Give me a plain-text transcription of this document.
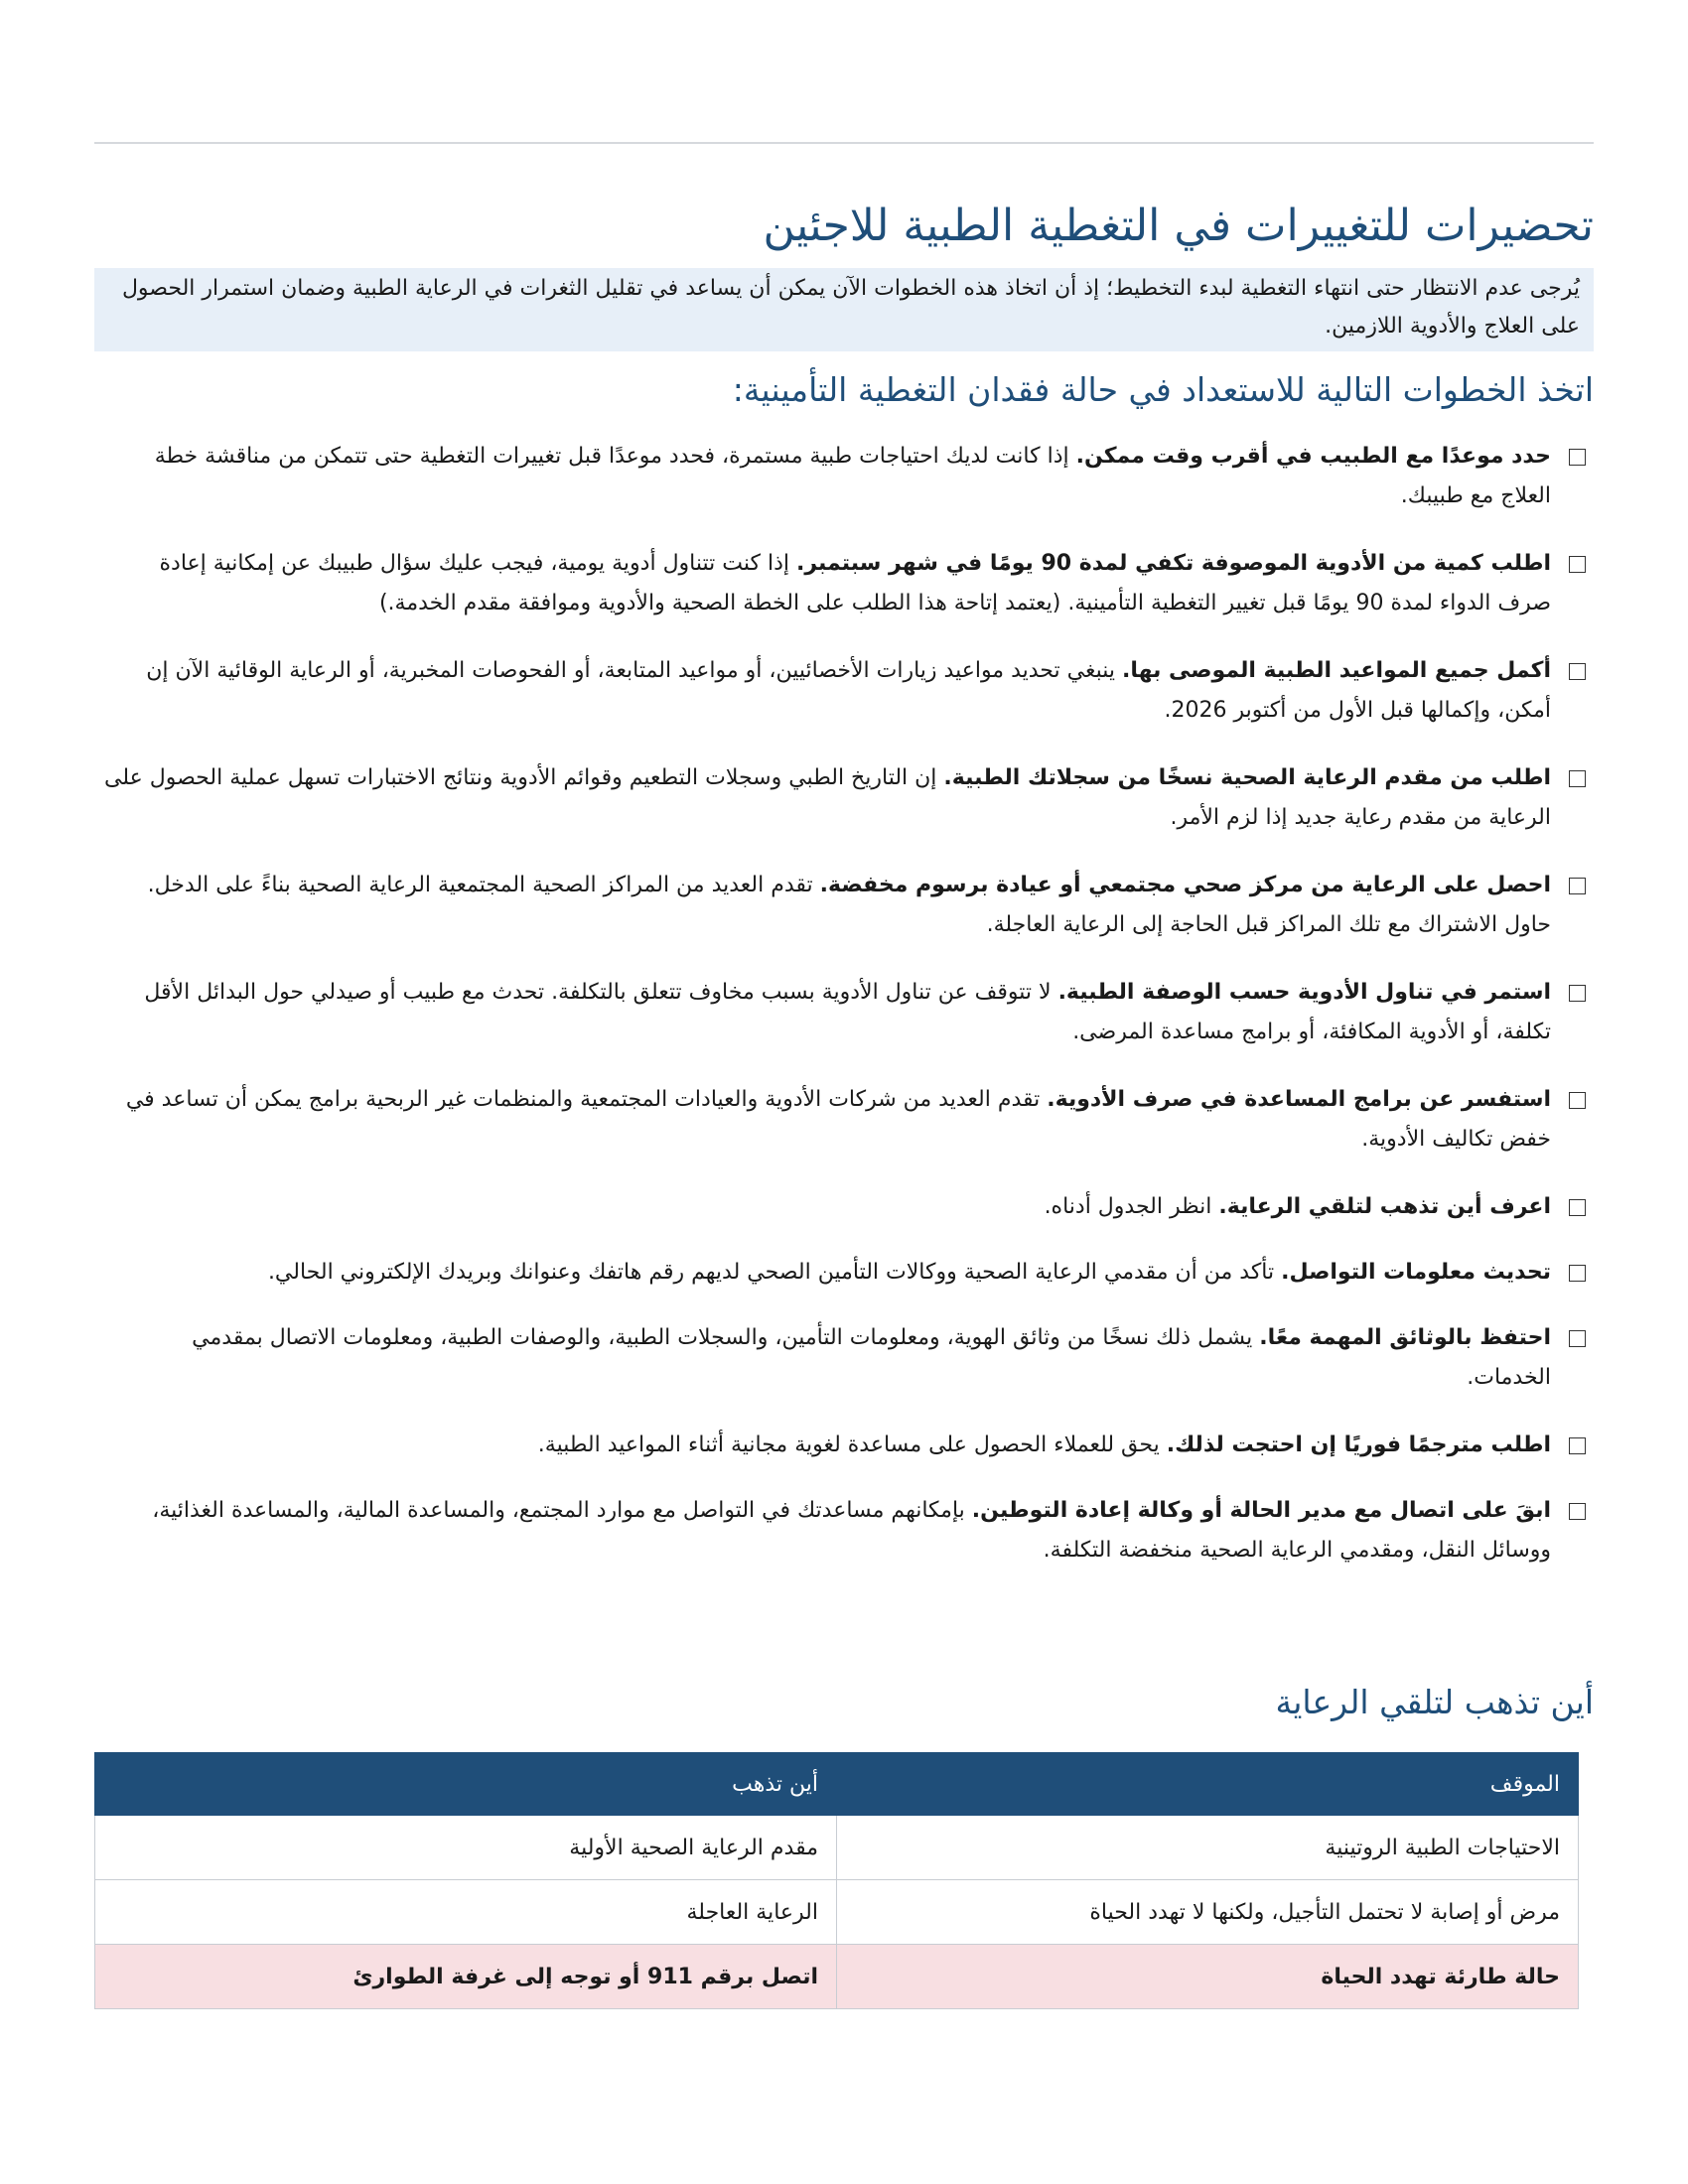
تحضيرات للتغييرات في التغطية الطبية للاجئين
يُرجى عدم الانتظار حتى انتهاء التغطية لبدء التخطيط؛ إذ أن اتخاذ هذه الخطوات الآن يمكن أن يساعد في تقليل الثغرات في الرعاية الطبية وضمان استمرار الحصول على العلاج والأدوية اللازمين.
اتخذ الخطوات التالية للاستعداد في حالة فقدان التغطية التأمينية:
حدد موعدًا مع الطبيب في أقرب وقت ممكن. إذا كانت لديك احتياجات طبية مستمرة، فحدد موعدًا قبل تغييرات التغطية حتى تتمكن من مناقشة خطة العلاج مع طبيبك.
اطلب كمية من الأدوية الموصوفة تكفي لمدة 90 يومًا في شهر سبتمبر. إذا كنت تتناول أدوية يومية، فيجب عليك سؤال طبيبك عن إمكانية إعادة صرف الدواء لمدة 90 يومًا قبل تغيير التغطية التأمينية. (يعتمد إتاحة هذا الطلب على الخطة الصحية والأدوية وموافقة مقدم الخدمة.)
أكمل جميع المواعيد الطبية الموصى بها. ينبغي تحديد مواعيد زيارات الأخصائيين، أو مواعيد المتابعة، أو الفحوصات المخبرية، أو الرعاية الوقائية الآن إن أمكن، وإكمالها قبل الأول من أكتوبر 2026.
اطلب من مقدم الرعاية الصحية نسخًا من سجلاتك الطبية. إن التاريخ الطبي وسجلات التطعيم وقوائم الأدوية ونتائج الاختبارات تسهل عملية الحصول على الرعاية من مقدم رعاية جديد إذا لزم الأمر.
احصل على الرعاية من مركز صحي مجتمعي أو عيادة برسوم مخفضة. تقدم العديد من المراكز الصحية المجتمعية الرعاية الصحية بناءً على الدخل. حاول الاشتراك مع تلك المراكز قبل الحاجة إلى الرعاية العاجلة.
استمر في تناول الأدوية حسب الوصفة الطبية. لا تتوقف عن تناول الأدوية بسبب مخاوف تتعلق بالتكلفة. تحدث مع طبيب أو صيدلي حول البدائل الأقل تكلفة، أو الأدوية المكافئة، أو برامج مساعدة المرضى.
استفسر عن برامج المساعدة في صرف الأدوية. تقدم العديد من شركات الأدوية والعيادات المجتمعية والمنظمات غير الربحية برامج يمكن أن تساعد في خفض تكاليف الأدوية.
اعرف أين تذهب لتلقي الرعاية. انظر الجدول أدناه.
تحديث معلومات التواصل. تأكد من أن مقدمي الرعاية الصحية ووكالات التأمين الصحي لديهم رقم هاتفك وعنوانك وبريدك الإلكتروني الحالي.
احتفظ بالوثائق المهمة معًا. يشمل ذلك نسخًا من وثائق الهوية، ومعلومات التأمين، والسجلات الطبية، والوصفات الطبية، ومعلومات الاتصال بمقدمي الخدمات.
اطلب مترجمًا فوريًا إن احتجت لذلك. يحق للعملاء الحصول على مساعدة لغوية مجانية أثناء المواعيد الطبية.
ابقَ على اتصال مع مدير الحالة أو وكالة إعادة التوطين. بإمكانهم مساعدتك في التواصل مع موارد المجتمع، والمساعدة المالية، والمساعدة الغذائية، ووسائل النقل، ومقدمي الرعاية الصحية منخفضة التكلفة.
أين تذهب لتلقي الرعاية
الموقف	أين تذهب
الاحتياجات الطبية الروتينية	مقدم الرعاية الصحية الأولية
مرض أو إصابة لا تحتمل التأجيل، ولكنها لا تهدد الحياة	الرعاية العاجلة
حالة طارئة تهدد الحياة	اتصل برقم 911 أو توجه إلى غرفة الطوارئ
